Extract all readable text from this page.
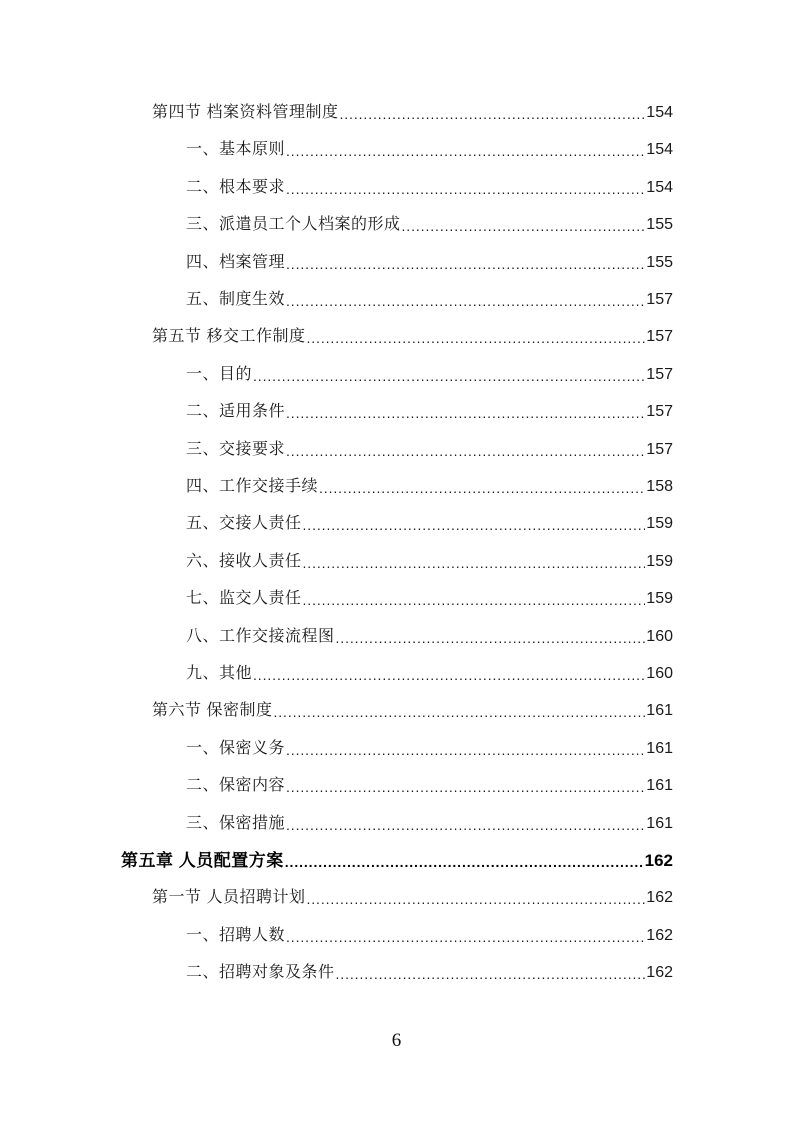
第四节 档案资料管理制度 .....	154
一、基本原则 .....	154
二、根本要求 .....	154
三、派遣员工个人档案的形成 .....	155
四、档案管理 .....	155
五、制度生效 .....	157
第五节 移交工作制度 .....	157
一、目的 .....	157
二、适用条件 .....	157
三、交接要求 .....	157
四、工作交接手续 .....	158
五、交接人责任 .....	159
六、接收人责任 .....	159
七、监交人责任 .....	159
八、工作交接流程图 .....	160
九、其他 .....	160
第六节 保密制度 .....	161
一、保密义务 .....	161
二、保密内容 .....	161
三、保密措施 .....	161
第五章 人员配置方案 .....	162
第一节 人员招聘计划 .....	162
一、招聘人数 .....	162
二、招聘对象及条件 .....	162
6
